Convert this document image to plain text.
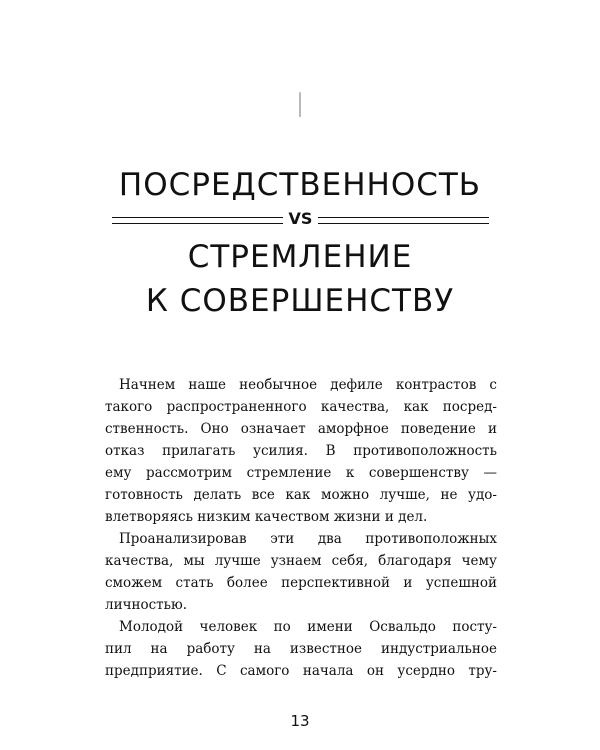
I
ПОСРЕДСТВЕННОСТЬ
VS
СТРЕМЛЕНИЕ
К СОВЕРШЕНСТВУ
Начнем наше необычное дефиле контрастов с
такого распространенного качества, как посред-
ственность. Оно означает аморфное поведение и
отказ прилагать усилия. В противоположность
ему рассмотрим стремление к совершенству —
готовность делать все как можно лучше, не удо-
влетворяясь низким качеством жизни и дел.
Проанализировав эти два противоположных
качества, мы лучше узнаем себя, благодаря чему
сможем стать более перспективной и успешной
личностью.
Молодой человек по имени Освальдо посту-
пил на работу на известное индустриальное
предприятие. С самого начала он усердно тру-
13
